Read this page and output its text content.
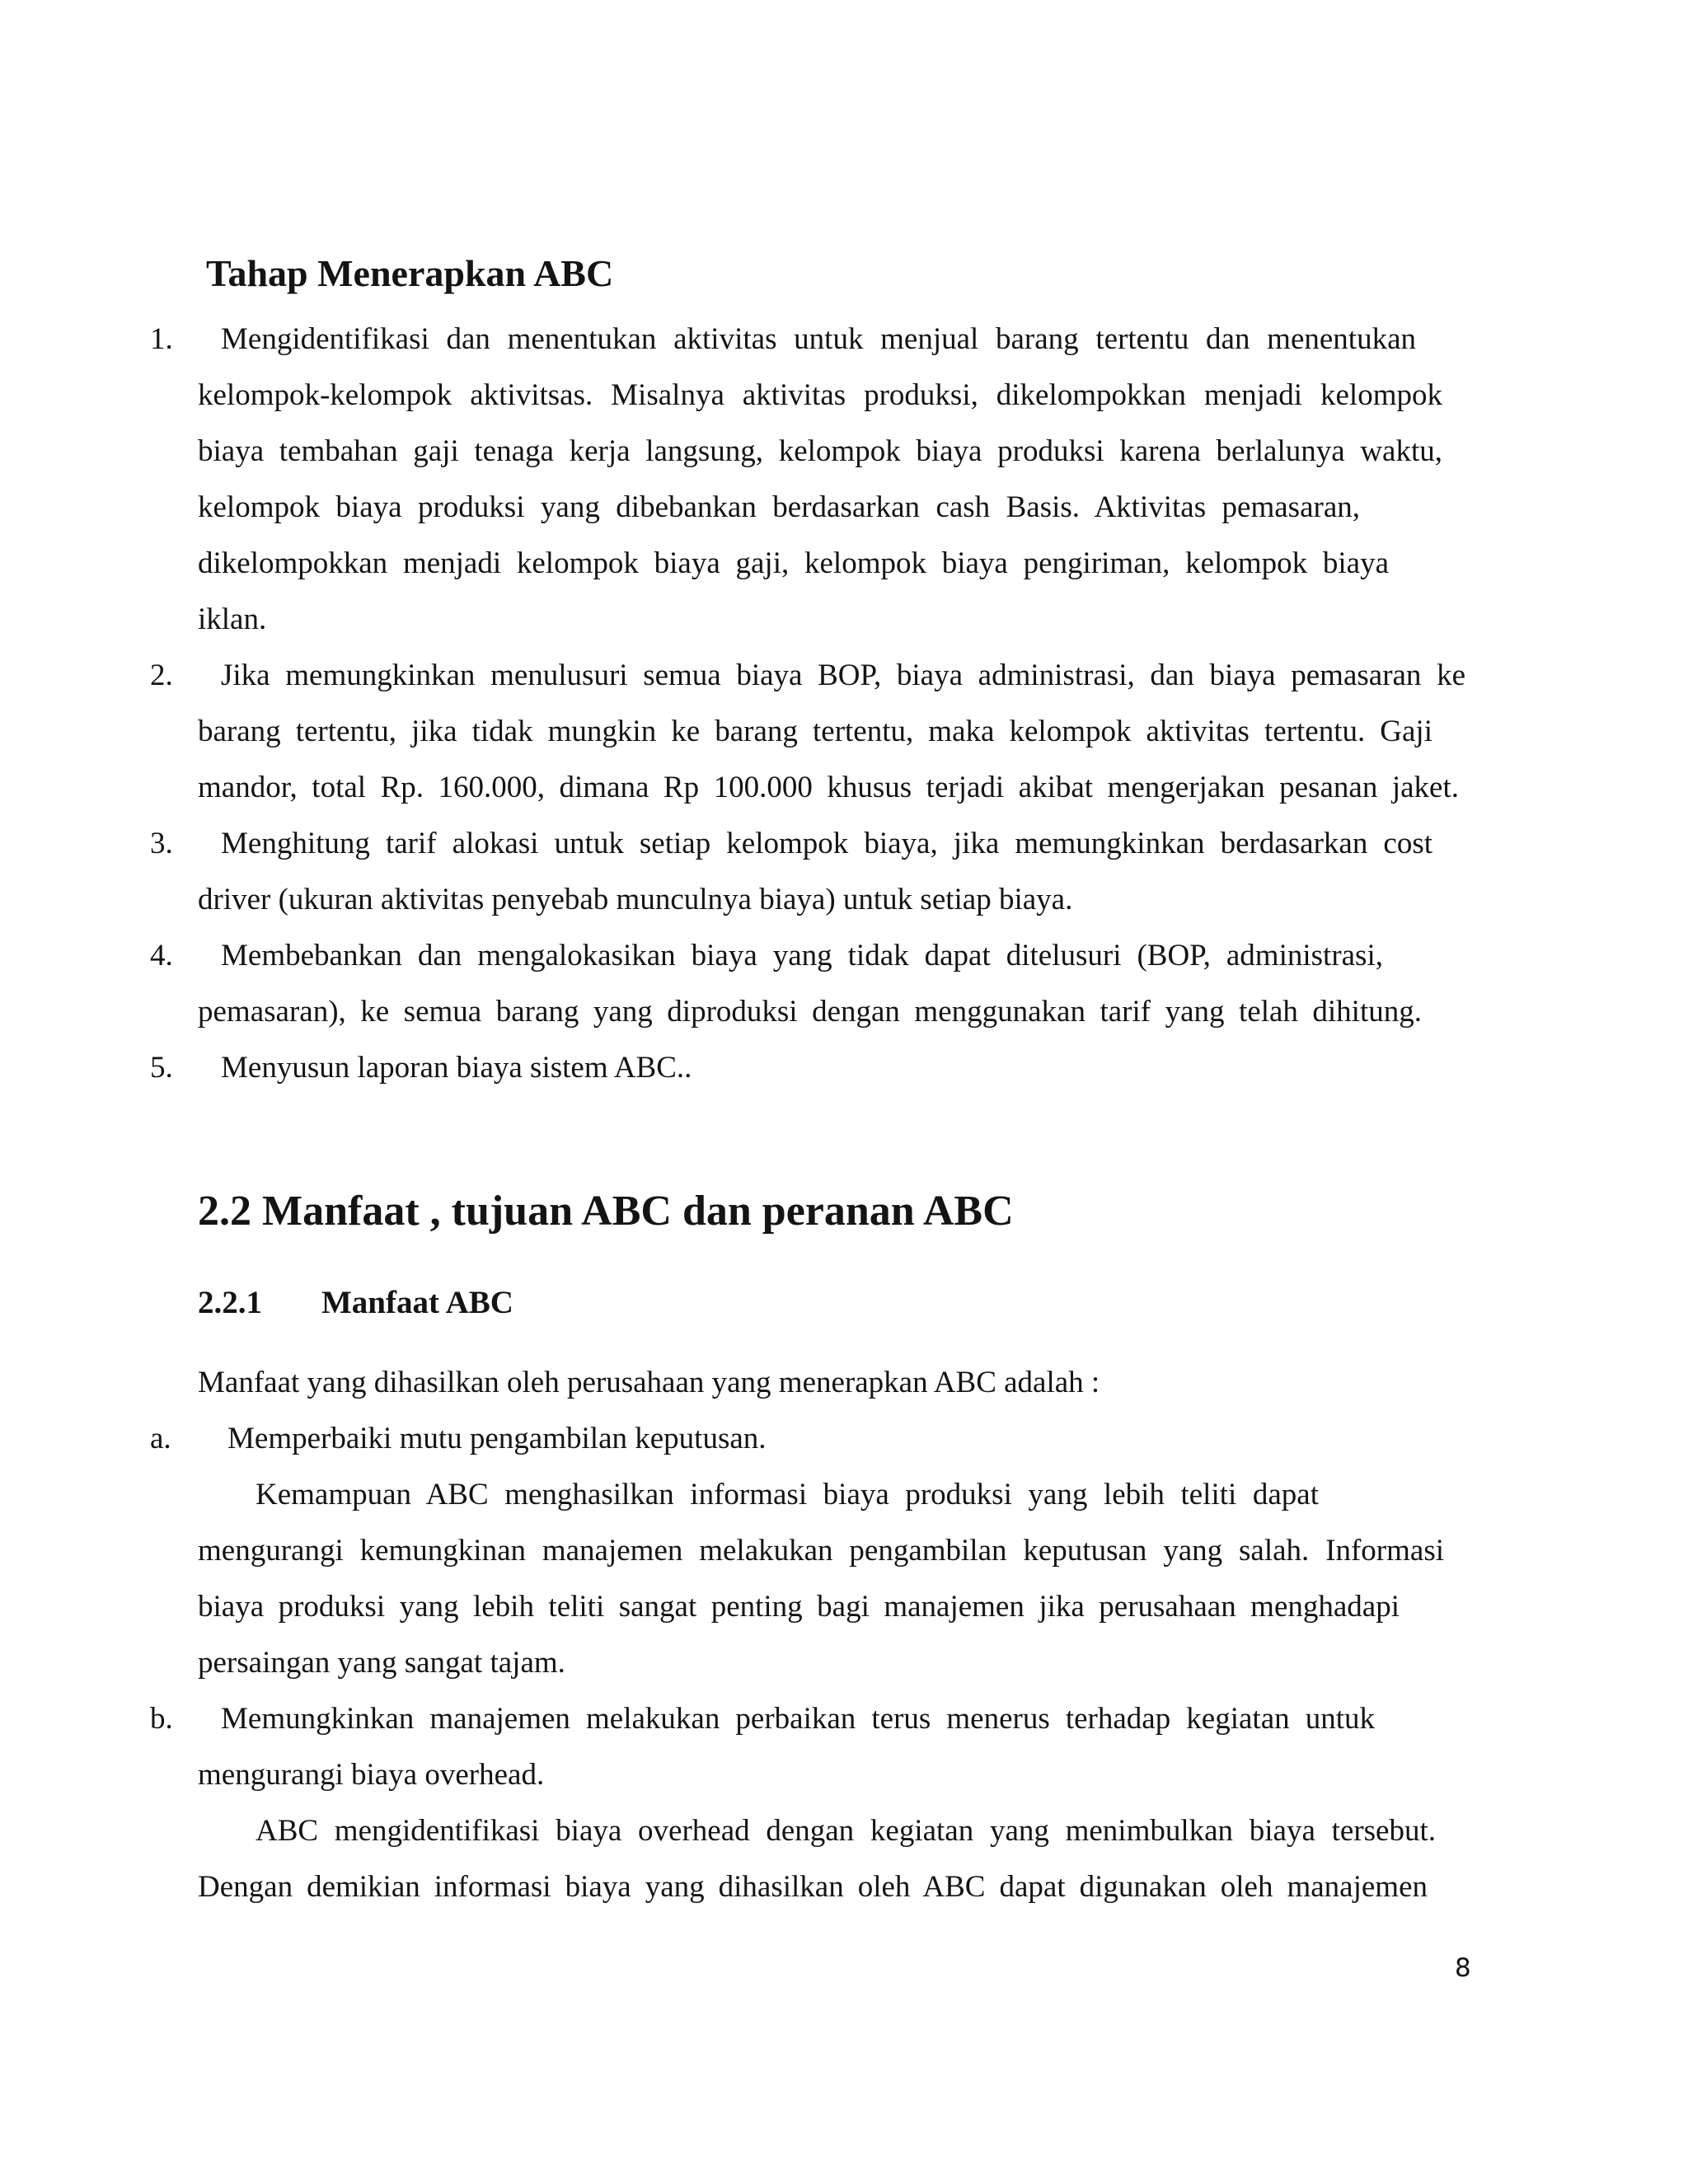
Tahap Menerapkan ABC
1. Mengidentifikasi dan menentukan aktivitas untuk menjual barang tertentu dan menentukan
kelompok-kelompok aktivitsas. Misalnya aktivitas produksi, dikelompokkan menjadi kelompok
biaya tembahan gaji tenaga kerja langsung, kelompok biaya produksi karena berlalunya waktu,
kelompok biaya produksi yang dibebankan berdasarkan cash Basis. Aktivitas pemasaran,
dikelompokkan menjadi kelompok biaya gaji, kelompok biaya pengiriman, kelompok biaya
iklan.
2. Jika memungkinkan menulusuri semua biaya BOP, biaya administrasi, dan biaya pemasaran ke
barang tertentu, jika tidak mungkin ke barang tertentu, maka kelompok aktivitas tertentu. Gaji
mandor, total Rp. 160.000, dimana Rp 100.000 khusus terjadi akibat mengerjakan pesanan jaket.
3. Menghitung tarif alokasi untuk setiap kelompok biaya, jika memungkinkan berdasarkan cost
driver (ukuran aktivitas penyebab munculnya biaya) untuk setiap biaya.
4. Membebankan dan mengalokasikan biaya yang tidak dapat ditelusuri (BOP, administrasi,
pemasaran), ke semua barang yang diproduksi dengan menggunakan tarif yang telah dihitung.
5. Menyusun laporan biaya sistem ABC..
2.2 Manfaat , tujuan ABC dan peranan ABC
2.2.1 Manfaat ABC
Manfaat yang dihasilkan oleh perusahaan yang menerapkan ABC adalah :
a. Memperbaiki mutu pengambilan keputusan.
Kemampuan ABC menghasilkan informasi biaya produksi yang lebih teliti dapat
mengurangi kemungkinan manajemen melakukan pengambilan keputusan yang salah. Informasi
biaya produksi yang lebih teliti sangat penting bagi manajemen jika perusahaan menghadapi
persaingan yang sangat tajam.
b. Memungkinkan manajemen melakukan perbaikan terus menerus terhadap kegiatan untuk
mengurangi biaya overhead.
ABC mengidentifikasi biaya overhead dengan kegiatan yang menimbulkan biaya tersebut.
Dengan demikian informasi biaya yang dihasilkan oleh ABC dapat digunakan oleh manajemen
8
